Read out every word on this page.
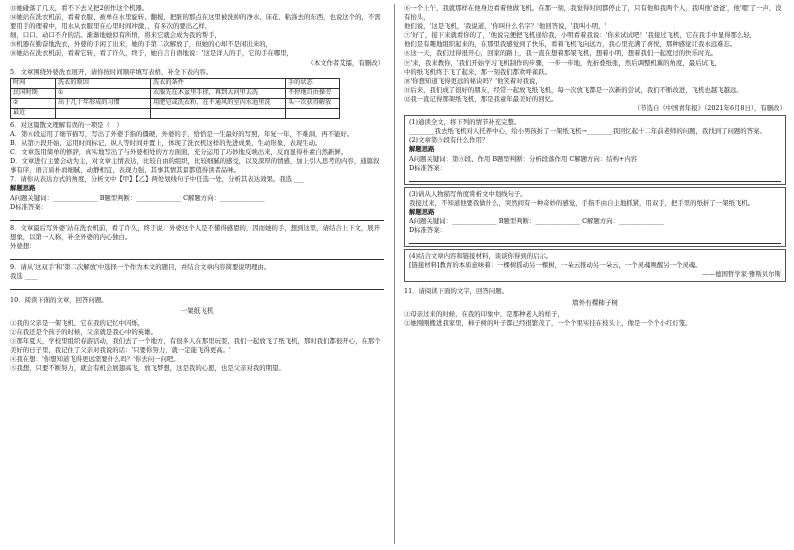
⑬她碰落了几天，看不下去又把2创作这个机器。

⑭她站在洗衣机前，看着衣服、被单在水里旋转、翻搅，把脏的那点在这里被洗掉的净水、床花、粘涤去的东西，也说这个的，不需要用手的理着中，用水从衣服里在心里时间冲激，，有多次的要出乙样，

细，口口、动口不介的活。渐渐地她似有所悟，将来它就会成为我的帮手，

⑮机器在勤奋地洗衣，外婆的手闲了出来，她的手第二次解放了，但她的心却不是闲出来的，

⑯她站在洗衣机前，看着它转，看了许久，终于，她自言自语地说：'这是洋人的手，它的手在哪里，

（本文作者艾擂，有删改）

5．文章围绕外婆洗衣展开，请你按时间顺序填写表格，补全下表内容。

时间	洗衣的原因	洗衣的条件	手的状态
民国时期	①	衣服先在木盆里手搓，再到大河里去洗	不停地自由操劳
②	出于几十年形成的习惯	用肥皂或洗衣粉，在不通风的室内水池里洗	头一次获得解放
最近			

6．对这篇散文理解有误的一项是（　）

A．第⑥段运用了细节描写，写出了外婆手指的僵硬，外婆的手，恰恰是一生最好的写照，年复一年，不难洞，再不能好。

B．从第⑦段开始，运用时间标记，纵人等时间并置上，体现了洗衣机这样的先进成果，生动形象，表现生动。

C．文章选用简单的修辞，真实地写出了与外婆相处的方方面面，充分运用了巧妙地反映出来，反而显得朴素自然新鲜。

D．文章进行主要会动为主，对文章主情表达，比较自由的组织，比较细腻的感受，以及深厚的情感，加上引人思考的内容，通篇叙事有序，语言质朴而细腻，动静相宜，表现力强，其事其情其景都值得读者品味。

7．请你从表达方式的角度，分析文中【甲】【乙】两处划线句子中任选一处，分析其表达效果。我选 ___

解题思路

A问题关键词：______________ B题型判断：______________ C解题方向：______________

D标准答案：

8．文章最后写外婆'站在洗衣机前，看了许久，终于说：外婆这个人是不懂得感恩的，因而她的手，想到这里，请结合上下文，展开想象，以第一人称，补全外婆的内心独白。

外婆想：

9．请从'这双手'和'第二次解放'中选择一个作为本文的题目，并结合文章内容简要说明理由。

我选 ____

10．阅读下面的文章，回答问题。

一架纸飞机

①我的父亲是一架飞机，它在我的记忆中闪烁，

②在我还是个孩子的时候，父亲就是我心中的英雄。

③那年夏天，学校里组织春游活动，我们去了一个地方，有很多人在那里玩耍，我们一起放飞了纸飞机，那时我们都很开心，在那个美好的日子里，我记住了父亲对我说的话：'只要你努力，就一定能飞得更高。'

④我在想：'你想知道飞得更远需要什么吗？'你去问一问吧。

⑤我想，只要不断努力，就会有机会展翅高飞，放飞梦想，这是我的心愿，也是父亲对我的期望。

⑥一个上午，我就那样在他身边看着他做飞机。在那一刻，我觉得时间都停止了，只有他和我两个人，我叫他'爸爸'，他'嗯'了一声，没有抬头，

他们说，'这是飞机，'我说道，'你叫什么名字？'他回答说，'我叫小明，'

⑦'好了，接下来就看你的了，'他说完便把飞机递给我，小明看着我说：'你来试试吧！'我接过飞机，它在我手中显得那么轻，

他们是有趣地组织起来的，在那里我感觉到了快乐，看着飞机飞向远方，我心里充满了喜悦，那种感觉让我永远难忘。

⑧这一天，我们过得很开心，回家的路上，我一直在想着那架飞机，想着小明，想着我们一起度过的快乐时光。

⑨'来，我来教你，'我们开始学习飞机制作的步骤，一步一步地，先折叠纸张，然后调整机翼的角度，最后试飞，

中的纸飞机终于飞了起来，那一刻我们都欢呼雀跃。

⑩'你想知道飞得更远的秘诀吗？'他笑着对我说，

⑪后来，我们成了很好的朋友，经常一起放飞纸飞机，每一次放飞都是一次新的尝试，我们不断改进，飞机也越飞越远。

⑫我一直记得那架纸飞机，那是我童年最美好的回忆。

（节选自《中国青年报》（2021年6月8日），有删改）

(1)通读全文，将下列的情节补充完整。

________我去纸飞机对人托养中心，给小男孩折了一架纸飞机→________我回忆起十二年前老师的问题，我找到了问题的答案。

(2)文章第⑤段有什么作用？

解题思路

A问题关键词：第⑤段、作用 B题型判断：分析段落作用 C解题方向：结构+内容

D标准答案：

(3)请从人物描写角度赏析文中划线句子。

我接过来，不知道他要我做什么，突然间有一种奇妙的感觉，手指不由自主地抓紧，用双手，把手里的纸折了一架纸飞机。

解题思路

A问题关键词：______________ B题型判断：______________ C解题方向：______________

D标准答案：

(4)结合文章内容和链接材料，谈谈你得到的启示。

[链接材料]教育的本质意味着：一棵树摇动另一棵树，一朵云推动另一朵云，一个灵魂唤醒另一个灵魂。

——德国哲学家·雅斯贝尔斯

11．请阅读下面的文字，回答问题。

墙外有棵柿子树

①母亲过来的时候，在我的印象中，是那种老人的样子，

②她刚刚搬进我家里，柿子树的叶子都已经很繁茂了，一个个果实挂在枝头上，像是一个个小红灯笼。
